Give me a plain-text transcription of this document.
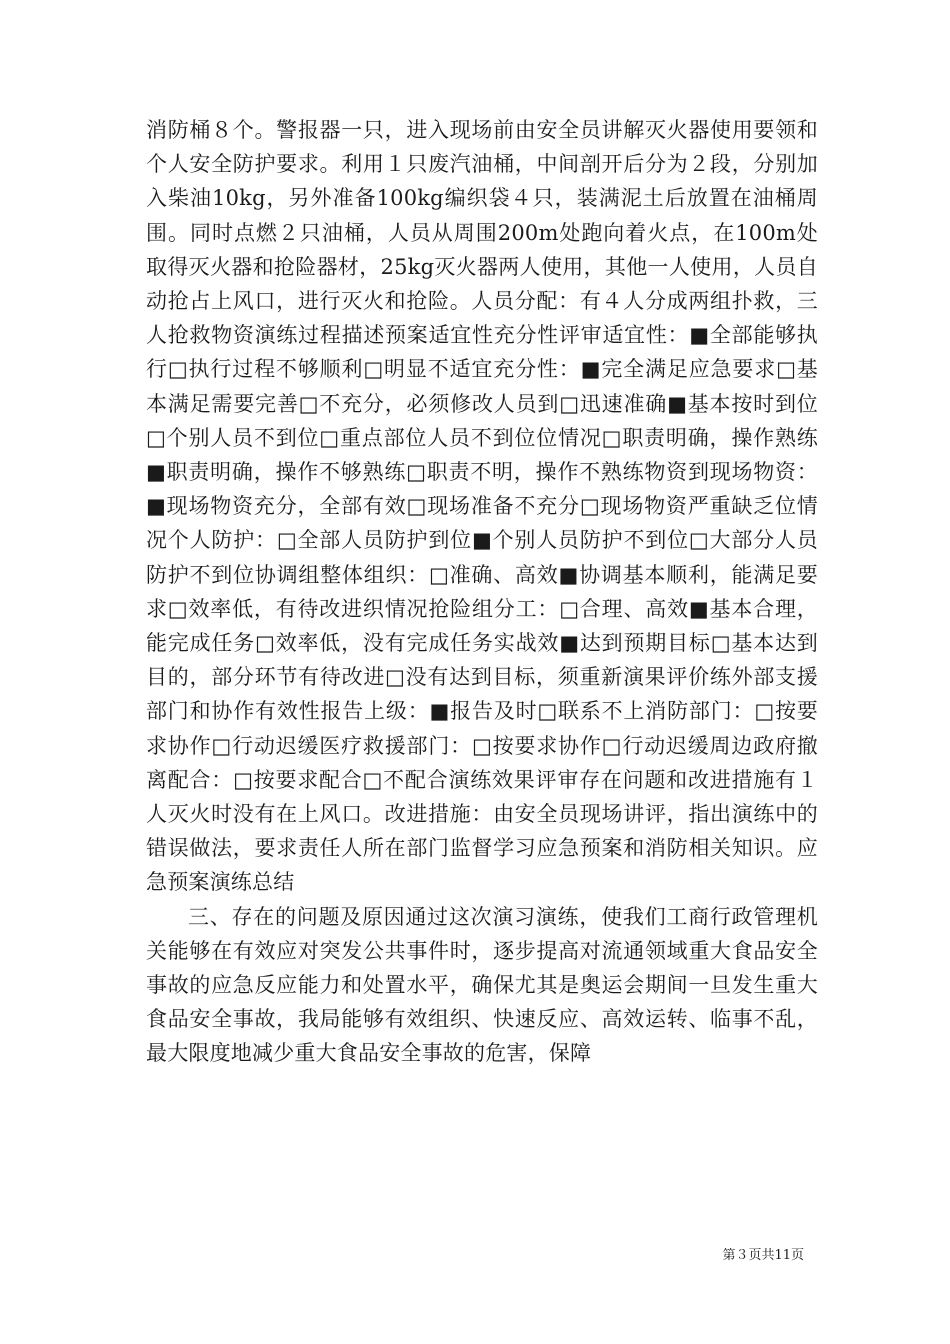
消防桶８个。警报器一只，进入现场前由安全员讲解灭火器使用要领和个人安全防护要求。利用１只废汽油桶，中间剖开后分为２段，分别加入柴油10kg，另外准备100kg编织袋４只，装满泥土后放置在油桶周围。同时点燃２只油桶，人员从周围200m处跑向着火点，在100m处取得灭火器和抢险器材，25kg灭火器两人使用，其他一人使用，人员自动抢占上风口，进行灭火和抢险。人员分配：有４人分成两组扑救，三人抢救物资演练过程描述预案适宜性充分性评审适宜性：■全部能够执行□执行过程不够顺利□明显不适宜充分性：■完全满足应急要求□基本满足需要完善□不充分，必须修改人员到□迅速准确■基本按时到位□个别人员不到位□重点部位人员不到位位情况□职责明确，操作熟练■职责明确，操作不够熟练□职责不明，操作不熟练物资到现场物资：■现场物资充分，全部有效□现场准备不充分□现场物资严重缺乏位情况个人防护：□全部人员防护到位■个别人员防护不到位□大部分人员防护不到位协调组整体组织：□准确、高效■协调基本顺利，能满足要求□效率低，有待改进织情况抢险组分工：□合理、高效■基本合理，能完成任务□效率低，没有完成任务实战效■达到预期目标□基本达到目的，部分环节有待改进□没有达到目标，须重新演果评价练外部支援部门和协作有效性报告上级：■报告及时□联系不上消防部门：□按要求协作□行动迟缓医疗救援部门：□按要求协作□行动迟缓周边政府撤离配合：□按要求配合□不配合演练效果评审存在问题和改进措施有１人灭火时没有在上风口。改进措施：由安全员现场讲评，指出演练中的错误做法，要求责任人所在部门监督学习应急预案和消防相关知识。应急预案演练总结

三、存在的问题及原因通过这次演习演练，使我们工商行政管理机关能够在有效应对突发公共事件时，逐步提高对流通领域重大食品安全事故的应急反应能力和处置水平，确保尤其是奥运会期间一旦发生重大食品安全事故，我局能够有效组织、快速反应、高效运转、临事不乱，最大限度地减少重大食品安全事故的危害，保障

第３页共11页
